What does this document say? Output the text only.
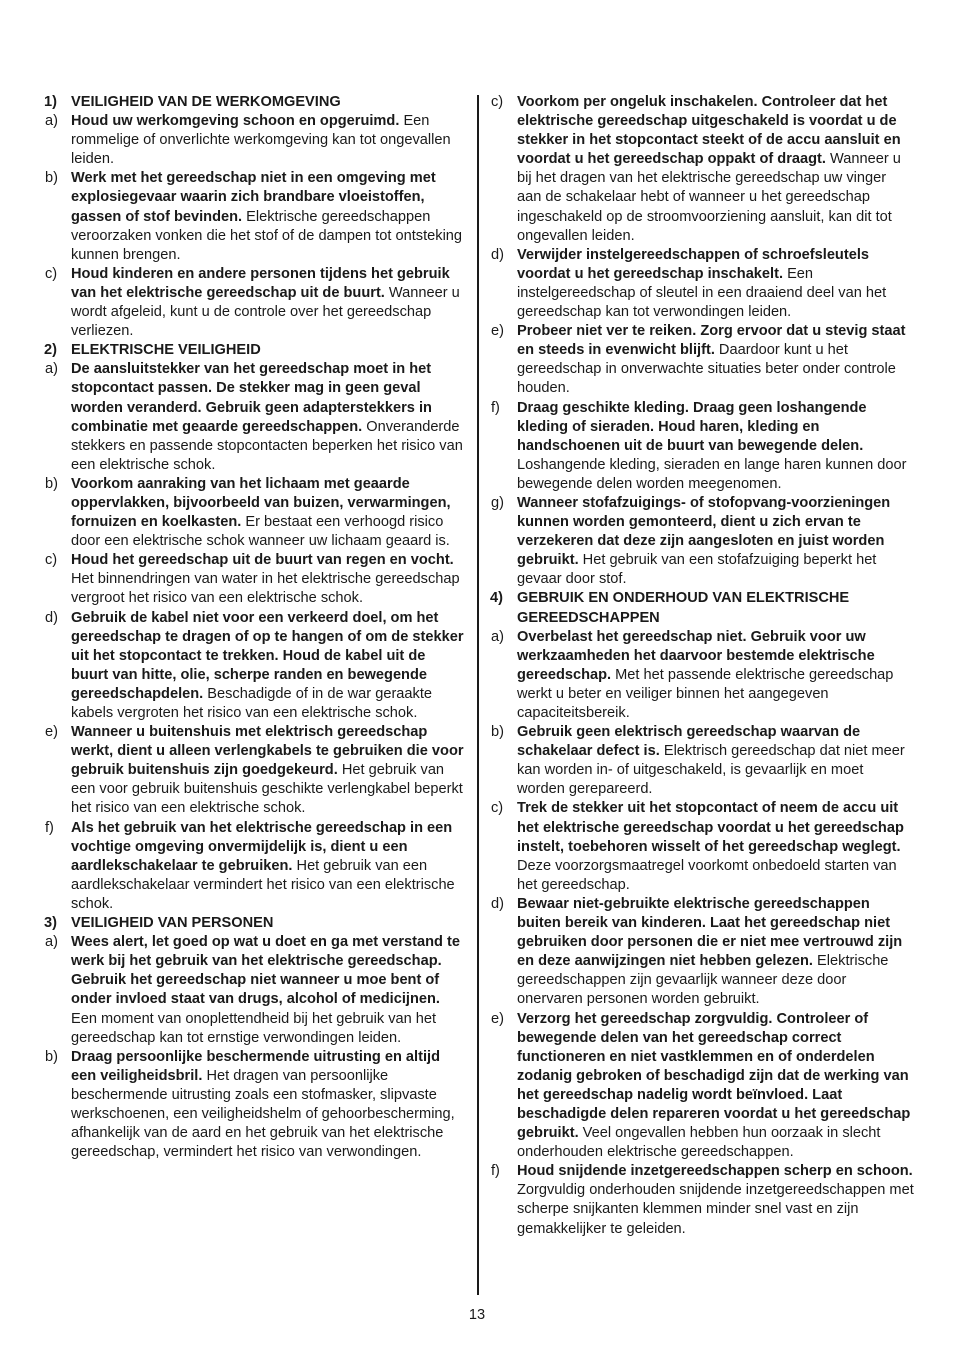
1) VEILIGHEID VAN DE WERKOMGEVING
a) Houd uw werkomgeving schoon en opgeruimd. Een rommelige of onverlichte werkomgeving kan tot ongevallen leiden.
b) Werk met het gereedschap niet in een omgeving met explosiegevaar waarin zich brandbare vloeistoffen, gassen of stof bevinden. Elektrische gereedschappen veroorzaken vonken die het stof of de dampen tot ontsteking kunnen brengen.
c) Houd kinderen en andere personen tijdens het gebruik van het elektrische gereedschap uit de buurt. Wanneer u wordt afgeleid, kunt u de controle over het gereedschap verliezen.
2) ELEKTRISCHE VEILIGHEID
a) De aansluitstekker van het gereedschap moet in het stopcontact passen. De stekker mag in geen geval worden veranderd. Gebruik geen adapterstekkers in combinatie met geaarde gereedschappen. Onveranderde stekkers en passende stopcontacten beperken het risico van een elektrische schok.
b) Voorkom aanraking van het lichaam met geaarde oppervlakken, bijvoorbeeld van buizen, verwarmingen, fornuizen en koelkasten. Er bestaat een verhoogd risico door een elektrische schok wanneer uw lichaam geaard is.
c) Houd het gereedschap uit de buurt van regen en vocht. Het binnendringen van water in het elektrische gereedschap vergroot het risico van een elektrische schok.
d) Gebruik de kabel niet voor een verkeerd doel, om het gereedschap te dragen of op te hangen of om de stekker uit het stopcontact te trekken. Houd de kabel uit de buurt van hitte, olie, scherpe randen en bewegende gereedschapdelen. Beschadigde of in de war geraakte kabels vergroten het risico van een elektrische schok.
e) Wanneer u buitenshuis met elektrisch gereedschap werkt, dient u alleen verlengkabels te gebruiken die voor gebruik buitenshuis zijn goedgekeurd. Het gebruik van een voor gebruik buitenshuis geschikte verlengkabel beperkt het risico van een elektrische schok.
f) Als het gebruik van het elektrische gereedschap in een vochtige omgeving onvermijdelijk is, dient u een aardlekschakelaar te gebruiken. Het gebruik van een aardlekschakelaar vermindert het risico van een elektrische schok.
3) VEILIGHEID VAN PERSONEN
a) Wees alert, let goed op wat u doet en ga met verstand te werk bij het gebruik van het elektrische gereedschap. Gebruik het gereedschap niet wanneer u moe bent of onder invloed staat van drugs, alcohol of medicijnen. Een moment van onoplettendheid bij het gebruik van het gereedschap kan tot ernstige verwondingen leiden.
b) Draag persoonlijke beschermende uitrusting en altijd een veiligheidsbril. Het dragen van persoonlijke beschermende uitrusting zoals een stofmasker, slipvaste werkschoenen, een veiligheidshelm of gehoorbescherming, afhankelijk van de aard en het gebruik van het elektrische gereedschap, vermindert het risico van verwondingen.
c) Voorkom per ongeluk inschakelen. Controleer dat het elektrische gereedschap uitgeschakeld is voordat u de stekker in het stopcontact steekt of de accu aansluit en voordat u het gereedschap oppakt of draagt. Wanneer u bij het dragen van het elektrische gereedschap uw vinger aan de schakelaar hebt of wanneer u het gereedschap ingeschakeld op de stroomvoorziening aansluit, kan dit tot ongevallen leiden.
d) Verwijder instelgereedschappen of schroefsleutels voordat u het gereedschap inschakelt. Een instelgereedschap of sleutel in een draaiend deel van het gereedschap kan tot verwondingen leiden.
e) Probeer niet ver te reiken. Zorg ervoor dat u stevig staat en steeds in evenwicht blijft. Daardoor kunt u het gereedschap in onverwachte situaties beter onder controle houden.
f) Draag geschikte kleding. Draag geen loshangende kleding of sieraden. Houd haren, kleding en handschoenen uit de buurt van bewegende delen. Loshangende kleding, sieraden en lange haren kunnen door bewegende delen worden meegenomen.
g) Wanneer stofafzuigings- of stofopvang-voorzieningen kunnen worden gemonteerd, dient u zich ervan te verzekeren dat deze zijn aangesloten en juist worden gebruikt. Het gebruik van een stofafzuiging beperkt het gevaar door stof.
4) GEBRUIK EN ONDERHOUD VAN ELEKTRISCHE GEREEDSCHAPPEN
a) Overbelast het gereedschap niet. Gebruik voor uw werkzaamheden het daarvoor bestemde elektrische gereedschap. Met het passende elektrische gereedschap werkt u beter en veiliger binnen het aangegeven capaciteitsbereik.
b) Gebruik geen elektrisch gereedschap waarvan de schakelaar defect is. Elektrisch gereedschap dat niet meer kan worden in- of uitgeschakeld, is gevaarlijk en moet worden gerepareerd.
c) Trek de stekker uit het stopcontact of neem de accu uit het elektrische gereedschap voordat u het gereedschap instelt, toebehoren wisselt of het gereedschap weglegt. Deze voorzorgsmaatregel voorkomt onbedoeld starten van het gereedschap.
d) Bewaar niet-gebruikte elektrische gereedschappen buiten bereik van kinderen. Laat het gereedschap niet gebruiken door personen die er niet mee vertrouwd zijn en deze aanwijzingen niet hebben gelezen. Elektrische gereedschappen zijn gevaarlijk wanneer deze door onervaren personen worden gebruikt.
e) Verzorg het gereedschap zorgvuldig. Controleer of bewegende delen van het gereedschap correct functioneren en niet vastklemmen en of onderdelen zodanig gebroken of beschadigd zijn dat de werking van het gereedschap nadelig wordt beïnvloed. Laat beschadigde delen repareren voordat u het gereedschap gebruikt. Veel ongevallen hebben hun oorzaak in slecht onderhouden elektrische gereedschappen.
f) Houd snijdende inzetgereedschappen scherp en schoon. Zorgvuldig onderhouden snijdende inzetgereedschappen met scherpe snijkanten klemmen minder snel vast en zijn gemakkelijker te geleiden.
13
